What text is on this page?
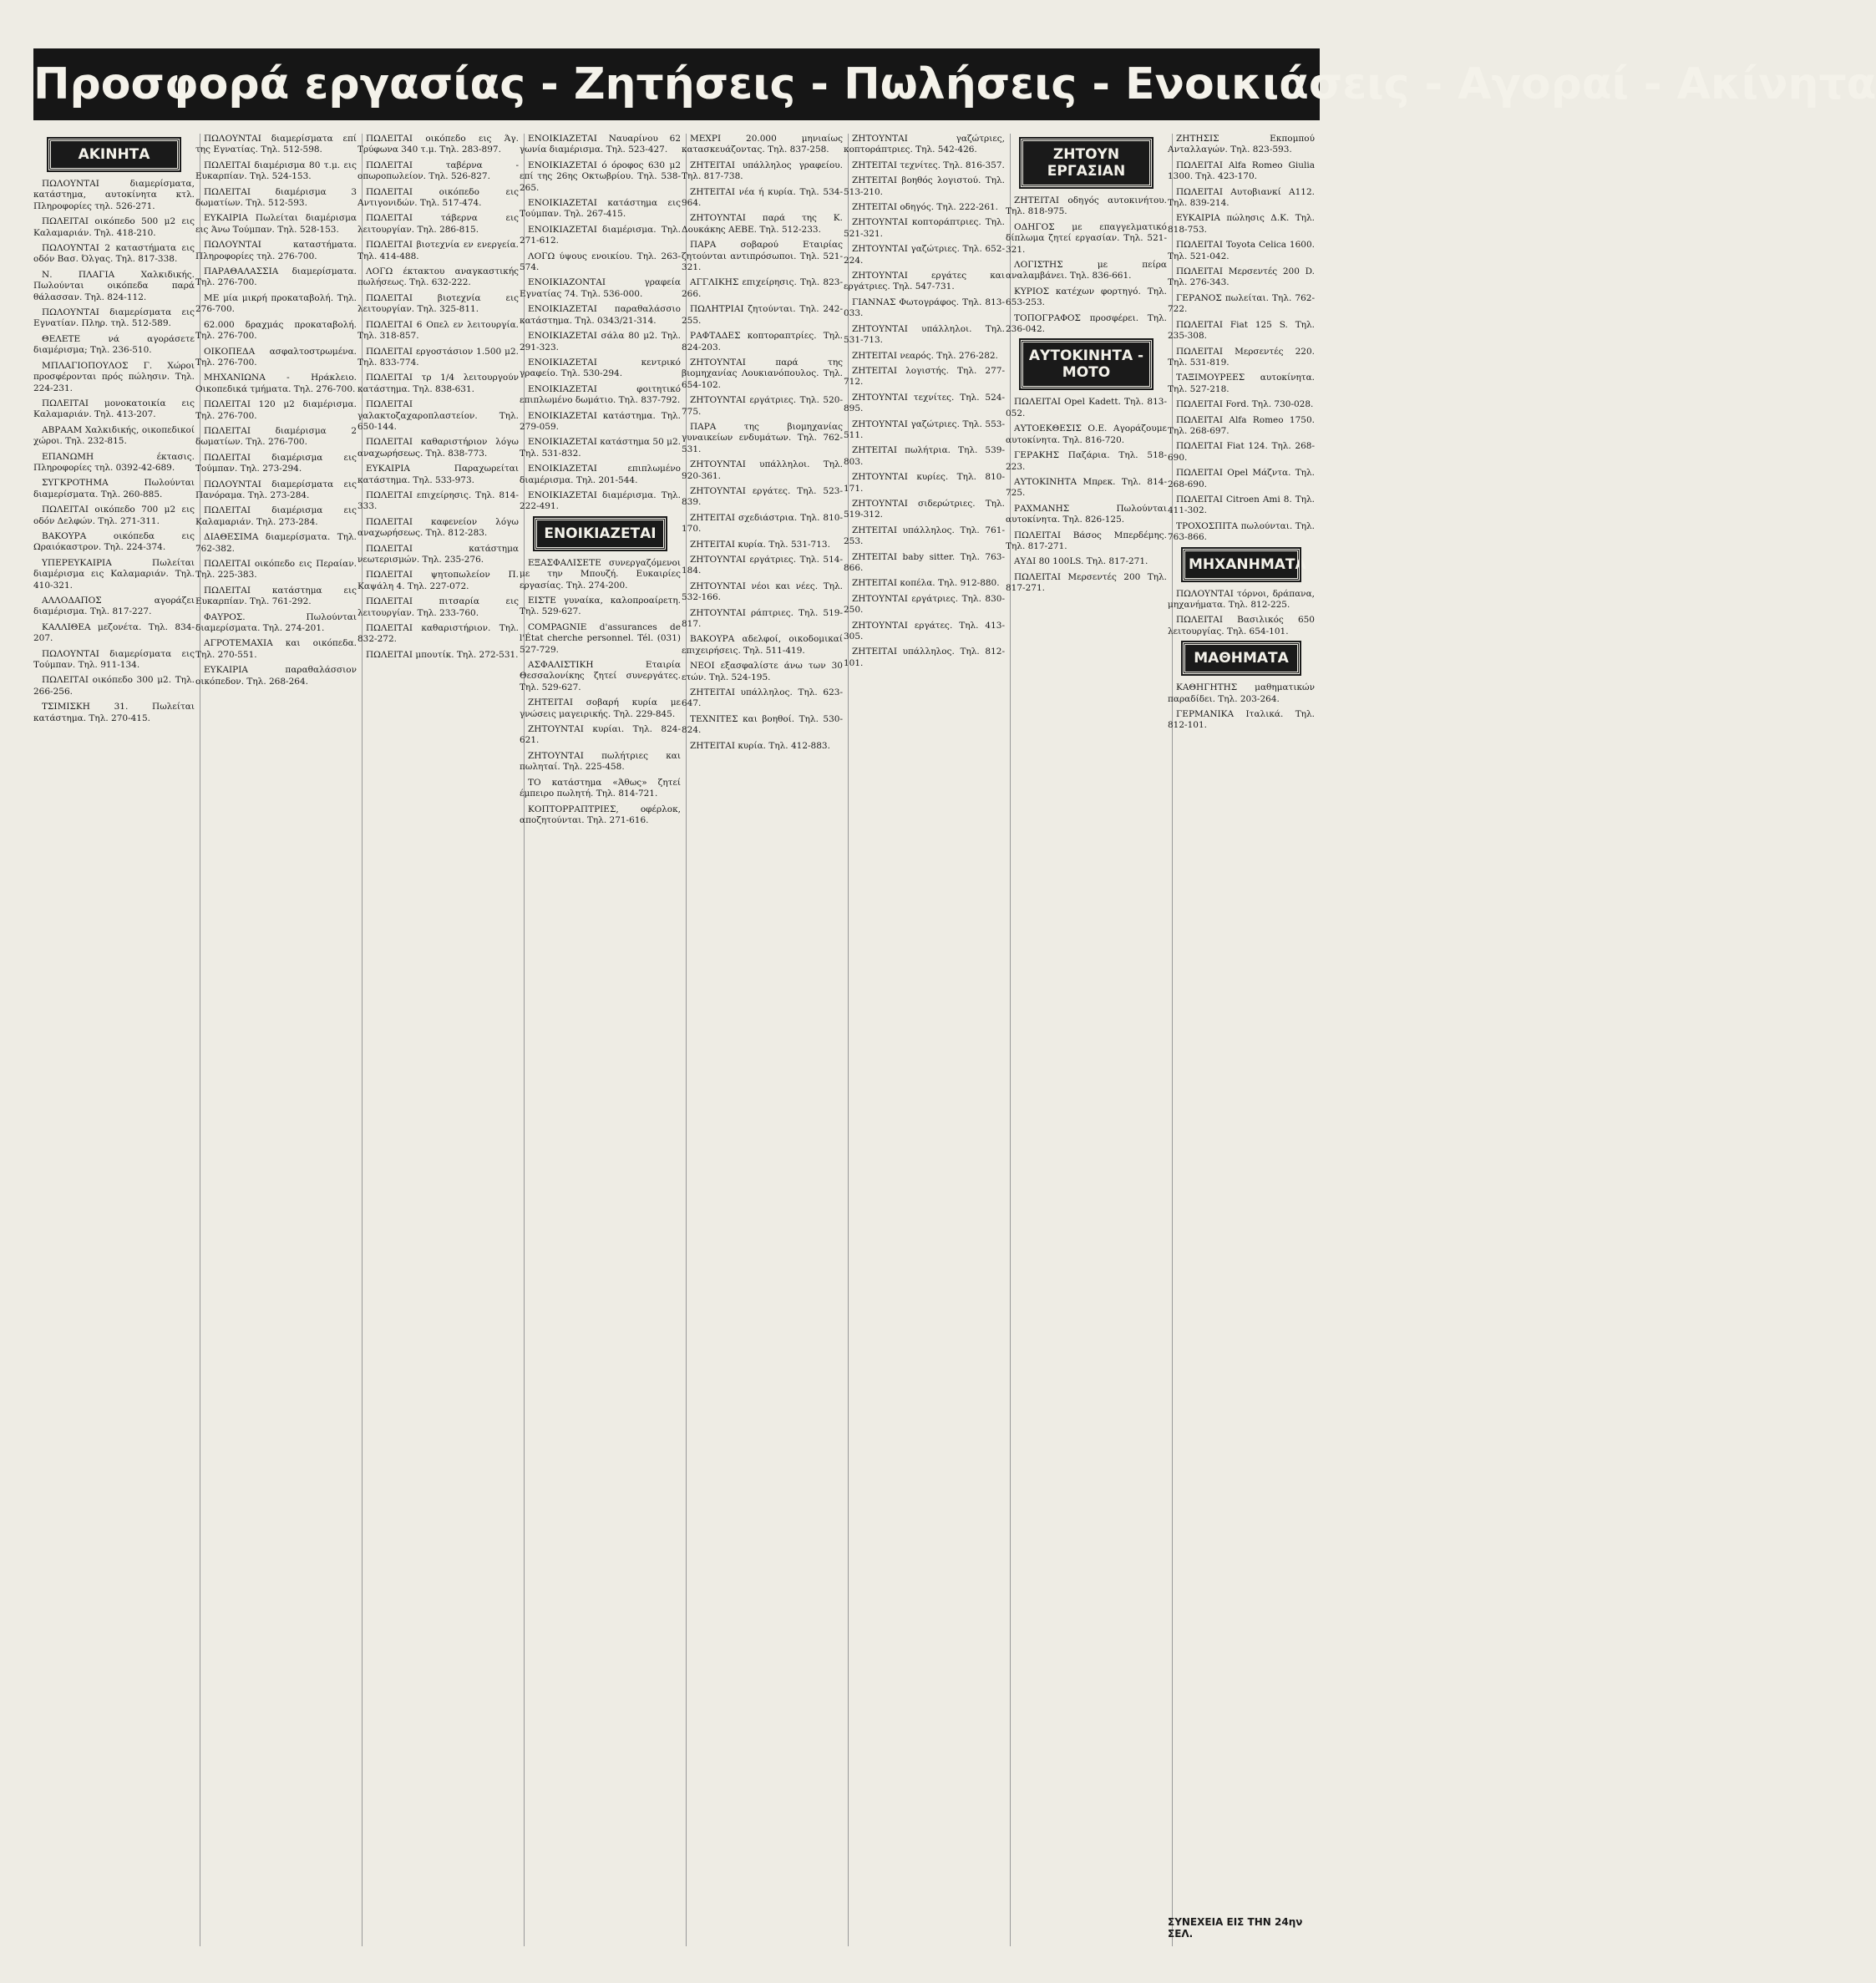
Προσφορά εργασίας - Ζητήσεις - Πωλήσεις - Ενοικιάσεις - Αγοραί - Ακίνητα
ΑΚΙΝΗΤΑ

ΠΩΛΟΥΝΤΑΙ διαμερίσματα, κατάστημα, αυτοκίνητα κτλ. Πληροφορίες τηλ. 526-271.

ΠΩΛΕΙΤΑΙ οικόπεδο 500 μ2 εις Καλαμαριάν. Τηλ. 418-210.

ΠΩΛΟΥΝΤΑΙ 2 καταστήματα εις οδόν Βασ. Όλγας. Τηλ. 817-338.

Ν. ΠΛΑΓΙΑ Χαλκιδικής. Πωλούνται οικόπεδα παρά θάλασσαν. Τηλ. 824-112.

ΠΩΛΟΥΝΤΑΙ διαμερίσματα εις Εγνατίαν. Πληρ. τηλ. 512-589.

ΘΕΛΕΤΕ νά αγοράσετε διαμέρισμα; Τηλ. 236-510.

ΜΠΛΑΓΙΟΠΟΥΛΟΣ Γ. Χώροι προσφέρονται πρός πώλησιν. Τηλ. 224-231.

ΠΩΛΕΙΤΑΙ μονοκατοικία εις Καλαμαριάν. Τηλ. 413-207.

ΑΒΡΑΑΜ Χαλκιδικής, οικοπεδικοί χώροι. Τηλ. 232-815.

ΕΠΑΝΩΜΗ έκτασις. Πληροφορίες τηλ. 0392-42-689.

ΣΥΓΚΡΟΤΗΜΑ Πωλούνται διαμερίσματα. Τηλ. 260-885.

ΠΩΛΕΙΤΑΙ οικόπεδο 700 μ2 εις οδόν Δελφών. Τηλ. 271-311.

ΒΑΚΟΥΡΑ οικόπεδα εις Ωραιόκαστρον. Τηλ. 224-374.

ΥΠΕΡΕΥΚΑΙΡΙΑ Πωλείται διαμέρισμα εις Καλαμαριάν. Τηλ. 410-321.

ΑΛΛΟΔΑΠΟΣ αγοράζει διαμέρισμα. Τηλ. 817-227.

ΚΑΛΛΙΘΕΑ μεζονέτα. Τηλ. 834-207.

ΠΩΛΟΥΝΤΑΙ διαμερίσματα εις Τούμπαν. Τηλ. 911-134.

ΠΩΛΕΙΤΑΙ οικόπεδο 300 μ2. Τηλ. 266-256.

ΤΣΙΜΙΣΚΗ 31. Πωλείται κατάστημα. Τηλ. 270-415.

ΠΩΛΟΥΝΤΑΙ διαμερίσματα επί της Εγνατίας. Τηλ. 512-598.

ΠΩΛΕΙΤΑΙ διαμέρισμα 80 τ.μ. εις Ευκαρπίαν. Τηλ. 524-153.

ΠΩΛΕΙΤΑΙ διαμέρισμα 3 δωματίων. Τηλ. 512-593.

ΕΥΚΑΙΡΙΑ Πωλείται διαμέρισμα εις Άνω Τούμπαν. Τηλ. 528-153.

ΠΩΛΟΥΝΤΑΙ καταστήματα. Πληροφορίες τηλ. 276-700.

ΠΑΡΑΘΑΛΑΣΣΙΑ διαμερίσματα. Τηλ. 276-700.

ΜΕ μία μικρή προκαταβολή. Τηλ. 276-700.

62.000 δραχμάς προκαταβολή. Τηλ. 276-700.

ΟΙΚΟΠΕΔΑ ασφαλτοστρωμένα. Τηλ. 276-700.

ΜΗΧΑΝΙΩΝΑ - Ηράκλειο. Οικοπεδικά τμήματα. Τηλ. 276-700.

ΠΩΛΕΙΤΑΙ 120 μ2 διαμέρισμα. Τηλ. 276-700.

ΠΩΛΕΙΤΑΙ διαμέρισμα 2 δωματίων. Τηλ. 276-700.

ΠΩΛΕΙΤΑΙ διαμέρισμα εις Τούμπαν. Τηλ. 273-294.

ΠΩΛΟΥΝΤΑΙ διαμερίσματα εις Πανόραμα. Τηλ. 273-284.

ΠΩΛΕΙΤΑΙ διαμέρισμα εις Καλαμαριάν. Τηλ. 273-284.

ΔΙΑΘΕΣΙΜΑ διαμερίσματα. Τηλ. 762-382.

ΠΩΛΕΙΤΑΙ οικόπεδο εις Περαίαν. Τηλ. 225-383.

ΠΩΛΕΙΤΑΙ κατάστημα εις Ευκαρπίαν. Τηλ. 761-292.

ΦΑΥΡΟΣ. Πωλούνται διαμερίσματα. Τηλ. 274-201.

ΑΓΡΟΤΕΜΑΧΙΑ και οικόπεδα. Τηλ. 270-551.

ΕΥΚΑΙΡΙΑ παραθαλάσσιον οικόπεδον. Τηλ. 268-264.

ΠΩΛΕΙΤΑΙ οικόπεδο εις Άγ. Τρύφωνα 340 τ.μ. Τηλ. 283-897.

ΠΩΛΕΙΤΑΙ ταβέρνα - οπωροπωλείον. Τηλ. 526-827.

ΠΩΛΕΙΤΑΙ οικόπεδο εις Αντιγονιδών. Τηλ. 517-474.

ΠΩΛΕΙΤΑΙ τάβερνα εις λειτουργίαν. Τηλ. 286-815.

ΠΩΛΕΙΤΑΙ βιοτεχνία εν ενεργεία. Τηλ. 414-488.

ΛΟΓΩ έκτακτου αναγκαστικής πωλήσεως. Τηλ. 632-222.

ΠΩΛΕΙΤΑΙ βιοτεχνία εις λειτουργίαν. Τηλ. 325-811.

ΠΩΛΕΙΤΑΙ 6 Οπελ εν λειτουργία. Τηλ. 318-857.

ΠΩΛΕΙΤΑΙ εργοστάσιον 1.500 μ2. Τηλ. 833-774.

ΠΩΛΕΙΤΑΙ τρ 1/4 λειτουργούν κατάστημα. Τηλ. 838-631.

ΠΩΛΕΙΤΑΙ γαλακτοζαχαροπλαστείον. Τηλ. 650-144.

ΠΩΛΕΙΤΑΙ καθαριστήριον λόγω αναχωρήσεως. Τηλ. 838-773.

ΕΥΚΑΙΡΙΑ Παραχωρείται κατάστημα. Τηλ. 533-973.

ΠΩΛΕΙΤΑΙ επιχείρησις. Τηλ. 814-333.

ΠΩΛΕΙΤΑΙ καφενείον λόγω αναχωρήσεως. Τηλ. 812-283.

ΠΩΛΕΙΤΑΙ κατάστημα νεωτερισμών. Τηλ. 235-276.

ΠΩΛΕΙΤΑΙ ψητοπωλείον Π. Καψάλη 4. Τηλ. 227-072.

ΠΩΛΕΙΤΑΙ πιτσαρία εις λειτουργίαν. Τηλ. 233-760.

ΠΩΛΕΙΤΑΙ καθαριστήριον. Τηλ. 832-272.

ΠΩΛΕΙΤΑΙ μπουτίκ. Τηλ. 272-531.

ΕΝΟΙΚΙΑΖΕΤΑΙ Ναυαρίνου 62 γωνία διαμέρισμα. Τηλ. 523-427.

ΕΝΟΙΚΙΑΖΕΤΑΙ ό όροφος 630 μ2 επί της 26ης Οκτωβρίου. Τηλ. 538-265.

ΕΝΟΙΚΙΑΖΕΤΑΙ κατάστημα εις Τούμπαν. Τηλ. 267-415.

ΕΝΟΙΚΙΑΖΕΤΑΙ διαμέρισμα. Τηλ. 271-612.

ΛΟΓΩ ύψους ενοικίου. Τηλ. 263-574.

ΕΝΟΙΚΙΑΖΟΝΤΑΙ γραφεία Εγνατίας 74. Τηλ. 536-000.

ΕΝΟΙΚΙΑΖΕΤΑΙ παραθαλάσσιο κατάστημα. Τηλ. 0343/21-314.

ΕΝΟΙΚΙΑΖΕΤΑΙ σάλα 80 μ2. Τηλ. 291-323.

ΕΝΟΙΚΙΑΖΕΤΑΙ κεντρικό γραφείο. Τηλ. 530-294.

ΕΝΟΙΚΙΑΖΕΤΑΙ φοιτητικό επιπλωμένο δωμάτιο. Τηλ. 837-792.

ΕΝΟΙΚΙΑΖΕΤΑΙ κατάστημα. Τηλ. 279-059.

ΕΝΟΙΚΙΑΖΕΤΑΙ κατάστημα 50 μ2. Τηλ. 531-832.

ΕΝΟΙΚΙΑΖΕΤΑΙ επιπλωμένο διαμέρισμα. Τηλ. 201-544.

ΕΝΟΙΚΙΑΖΕΤΑΙ διαμέρισμα. Τηλ. 222-491.

ΕΝΟΙΚΙΑΖΕΤΑΙ

ΕΞΑΣΦΑΛΙΣΕΤΕ συνεργαζόμενοι με την Μπουζή. Ευκαιρίες εργασίας. Τηλ. 274-200.

ΕΙΣΤΕ γυναίκα, καλοπροαίρετη. Τηλ. 529-627.

COMPAGNIE d'assurances de l'État cherche personnel. Tél. (031) 527-729.

ΑΣΦΑΛΙΣΤΙΚΗ Εταιρία Θεσσαλονίκης ζητεί συνεργάτες. Τηλ. 529-627.

ΖΗΤΕΙΤΑΙ σοβαρή κυρία με γνώσεις μαγειρικής. Τηλ. 229-845.

ΖΗΤΟΥΝΤΑΙ κυρίαι. Τηλ. 824-621.

ΖΗΤΟΥΝΤΑΙ πωλήτριες και πωληταί. Τηλ. 225-458.

ΤΟ κατάστημα «Άθως» ζητεί έμπειρο πωλητή. Τηλ. 814-721.

ΚΟΠΤΟΡΡΑΠΤΡΙΕΣ, οφέρλοκ, αποζητούνται. Τηλ. 271-616.

ΜΕΧΡΙ 20.000 μηνιαίως κατασκευάζοντας. Τηλ. 837-258.

ΖΗΤΕΙΤΑΙ υπάλληλος γραφείου. Τηλ. 817-738.

ΖΗΤΕΙΤΑΙ νέα ή κυρία. Τηλ. 534-964.

ΖΗΤΟΥΝΤΑΙ παρά της Κ. Δουκάκης ΑΕΒΕ. Τηλ. 512-233.

ΠΑΡΑ σοβαρού Εταιρίας ζητούνται αντιπρόσωποι. Τηλ. 521-321.

ΑΓΓΛΙΚΗΣ επιχείρησις. Τηλ. 823-266.

ΠΩΛΗΤΡΙΑΙ ζητούνται. Τηλ. 242-255.

ΡΑΦΤΑΔΕΣ κοπτοραπτρίες. Τηλ. 824-203.

ΖΗΤΟΥΝΤΑΙ παρά της βιομηχανίας Λουκιανόπουλος. Τηλ. 654-102.

ΖΗΤΟΥΝΤΑΙ εργάτριες. Τηλ. 520-775.

ΠΑΡΑ της βιομηχανίας γυναικείων ενδυμάτων. Τηλ. 762-531.

ΖΗΤΟΥΝΤΑΙ υπάλληλοι. Τηλ. 920-361.

ΖΗΤΟΥΝΤΑΙ εργάτες. Τηλ. 523-839.

ΖΗΤΕΙΤΑΙ σχεδιάστρια. Τηλ. 810-170.

ΖΗΤΕΙΤΑΙ κυρία. Τηλ. 531-713.

ΖΗΤΟΥΝΤΑΙ εργάτριες. Τηλ. 514-184.

ΖΗΤΟΥΝΤΑΙ νέοι και νέες. Τηλ. 532-166.

ΖΗΤΟΥΝΤΑΙ ράπτριες. Τηλ. 519-817.

ΒΑΚΟΥΡΑ αδελφοί, οικοδομικαί επιχειρήσεις. Τηλ. 511-419.

ΝΕΟΙ εξασφαλίστε άνω των 30 ετών. Τηλ. 524-195.

ΖΗΤΕΙΤΑΙ υπάλληλος. Τηλ. 623-647.

ΤΕΧΝΙΤΕΣ και βοηθοί. Τηλ. 530-824.

ΖΗΤΕΙΤΑΙ κυρία. Τηλ. 412-883.

ΖΗΤΟΥΝΤΑΙ γαζώτριες, κοπτοράπτριες. Τηλ. 542-426.

ΖΗΤΕΙΤΑΙ τεχνίτες. Τηλ. 816-357.

ΖΗΤΕΙΤΑΙ βοηθός λογιστού. Τηλ. 513-210.

ΖΗΤΕΙΤΑΙ οδηγός. Τηλ. 222-261.

ΖΗΤΟΥΝΤΑΙ κοπτοράπτριες. Τηλ. 521-321.

ΖΗΤΟΥΝΤΑΙ γαζώτριες. Τηλ. 652-224.

ΖΗΤΟΥΝΤΑΙ εργάτες και εργάτριες. Τηλ. 547-731.

ΓΙΑΝΝΑΣ Φωτογράφος. Τηλ. 813-033.

ΖΗΤΟΥΝΤΑΙ υπάλληλοι. Τηλ. 531-713.

ΖΗΤΕΙΤΑΙ νεαρός. Τηλ. 276-282.

ΖΗΤΕΙΤΑΙ λογιστής. Τηλ. 277-712.

ΖΗΤΟΥΝΤΑΙ τεχνίτες. Τηλ. 524-895.

ΖΗΤΟΥΝΤΑΙ γαζώτριες. Τηλ. 553-511.

ΖΗΤΕΙΤΑΙ πωλήτρια. Τηλ. 539-803.

ΖΗΤΟΥΝΤΑΙ κυρίες. Τηλ. 810-171.

ΖΗΤΟΥΝΤΑΙ σιδερώτριες. Τηλ. 519-312.

ΖΗΤΕΙΤΑΙ υπάλληλος. Τηλ. 761-253.

ΖΗΤΕΙΤΑΙ baby sitter. Τηλ. 763-866.

ΖΗΤΕΙΤΑΙ κοπέλα. Τηλ. 912-880.

ΖΗΤΟΥΝΤΑΙ εργάτριες. Τηλ. 830-250.

ΖΗΤΟΥΝΤΑΙ εργάτες. Τηλ. 413-305.

ΖΗΤΕΙΤΑΙ υπάλληλος. Τηλ. 812-101.

ΖΗΤΟΥΝ ΕΡΓΑΣΙΑΝ

ΖΗΤΕΙΤΑΙ οδηγός αυτοκινήτου. Τηλ. 818-975.

ΟΔΗΓΟΣ με επαγγελματικό δίπλωμα ζητεί εργασίαν. Τηλ. 521-321.

ΛΟΓΙΣΤΗΣ με πείρα αναλαμβάνει. Τηλ. 836-661.

ΚΥΡΙΟΣ κατέχων φορτηγό. Τηλ. 653-253.

ΤΟΠΟΓΡΑΦΟΣ προσφέρει. Τηλ. 236-042.

ΑΥΤΟΚΙΝΗΤΑ - ΜΟΤΟ

ΠΩΛΕΙΤΑΙ Opel Kadett. Τηλ. 813-052.

ΑΥΤΟΕΚΘΕΣΙΣ Ο.Ε. Αγοράζουμε αυτοκίνητα. Τηλ. 816-720.

ΓΕΡΑΚΗΣ Παζάρια. Τηλ. 518-223.

ΑΥΤΟΚΙΝΗΤΑ Μπρεκ. Τηλ. 814-725.

ΡΑΧΜΑΝΗΣ Πωλούνται αυτοκίνητα. Τηλ. 826-125.

ΠΩΛΕΙΤΑΙ Βάσος Μπερδέμης. Τηλ. 817-271.

ΑΥΔΙ 80 100LS. Τηλ. 817-271.

ΠΩΛΕΙΤΑΙ Μερσεντές 200 Τηλ. 817-271.

ΖΗΤΗΣΙΣ Εκπομπού Ανταλλαγών. Τηλ. 823-593.

ΠΩΛΕΙΤΑΙ Alfa Romeo Giulia 1300. Τηλ. 423-170.

ΠΩΛΕΙΤΑΙ Αυτοβιανκί Α112. Τηλ. 839-214.

ΕΥΚΑΙΡΙΑ πώλησις Δ.Κ. Τηλ. 818-753.

ΠΩΛΕΙΤΑΙ Toyota Celica 1600. Τηλ. 521-042.

ΠΩΛΕΙΤΑΙ Μερσεντές 200 D. Τηλ. 276-343.

ΓΕΡΑΝΟΣ πωλείται. Τηλ. 762-722.

ΠΩΛΕΙΤΑΙ Fiat 125 S. Τηλ. 235-308.

ΠΩΛΕΙΤΑΙ Μερσεντές 220. Τηλ. 531-819.

ΤΑΞΙΜΟΥΡΕΕΣ αυτοκίνητα. Τηλ. 527-218.

ΠΩΛΕΙΤΑΙ Ford. Τηλ. 730-028.

ΠΩΛΕΙΤΑΙ Alfa Romeo 1750. Τηλ. 268-697.

ΠΩΛΕΙΤΑΙ Fiat 124. Τηλ. 268-690.

ΠΩΛΕΙΤΑΙ Opel Μάζντα. Τηλ. 268-690.

ΠΩΛΕΙΤΑΙ Citroen Ami 8. Τηλ. 411-302.

ΤΡΟΧΟΣΠΙΤΑ πωλούνται. Τηλ. 763-866.

ΜΗΧΑΝΗΜΑΤΑ

ΠΩΛΟΥΝΤΑΙ τόρνοι, δράπανα, μηχανήματα. Τηλ. 812-225.

ΠΩΛΕΙΤΑΙ Βασιλικός 650 λειτουργίας. Τηλ. 654-101.

ΜΑΘΗΜΑΤΑ

ΚΑΘΗΓΗΤΗΣ μαθηματικών παραδίδει. Τηλ. 203-264.

ΓΕΡΜΑΝΙΚΑ Ιταλικά. Τηλ. 812-101.

ΣΥΝΕΧΕΙΑ ΕΙΣ ΤΗΝ 24ην ΣΕΛ.
